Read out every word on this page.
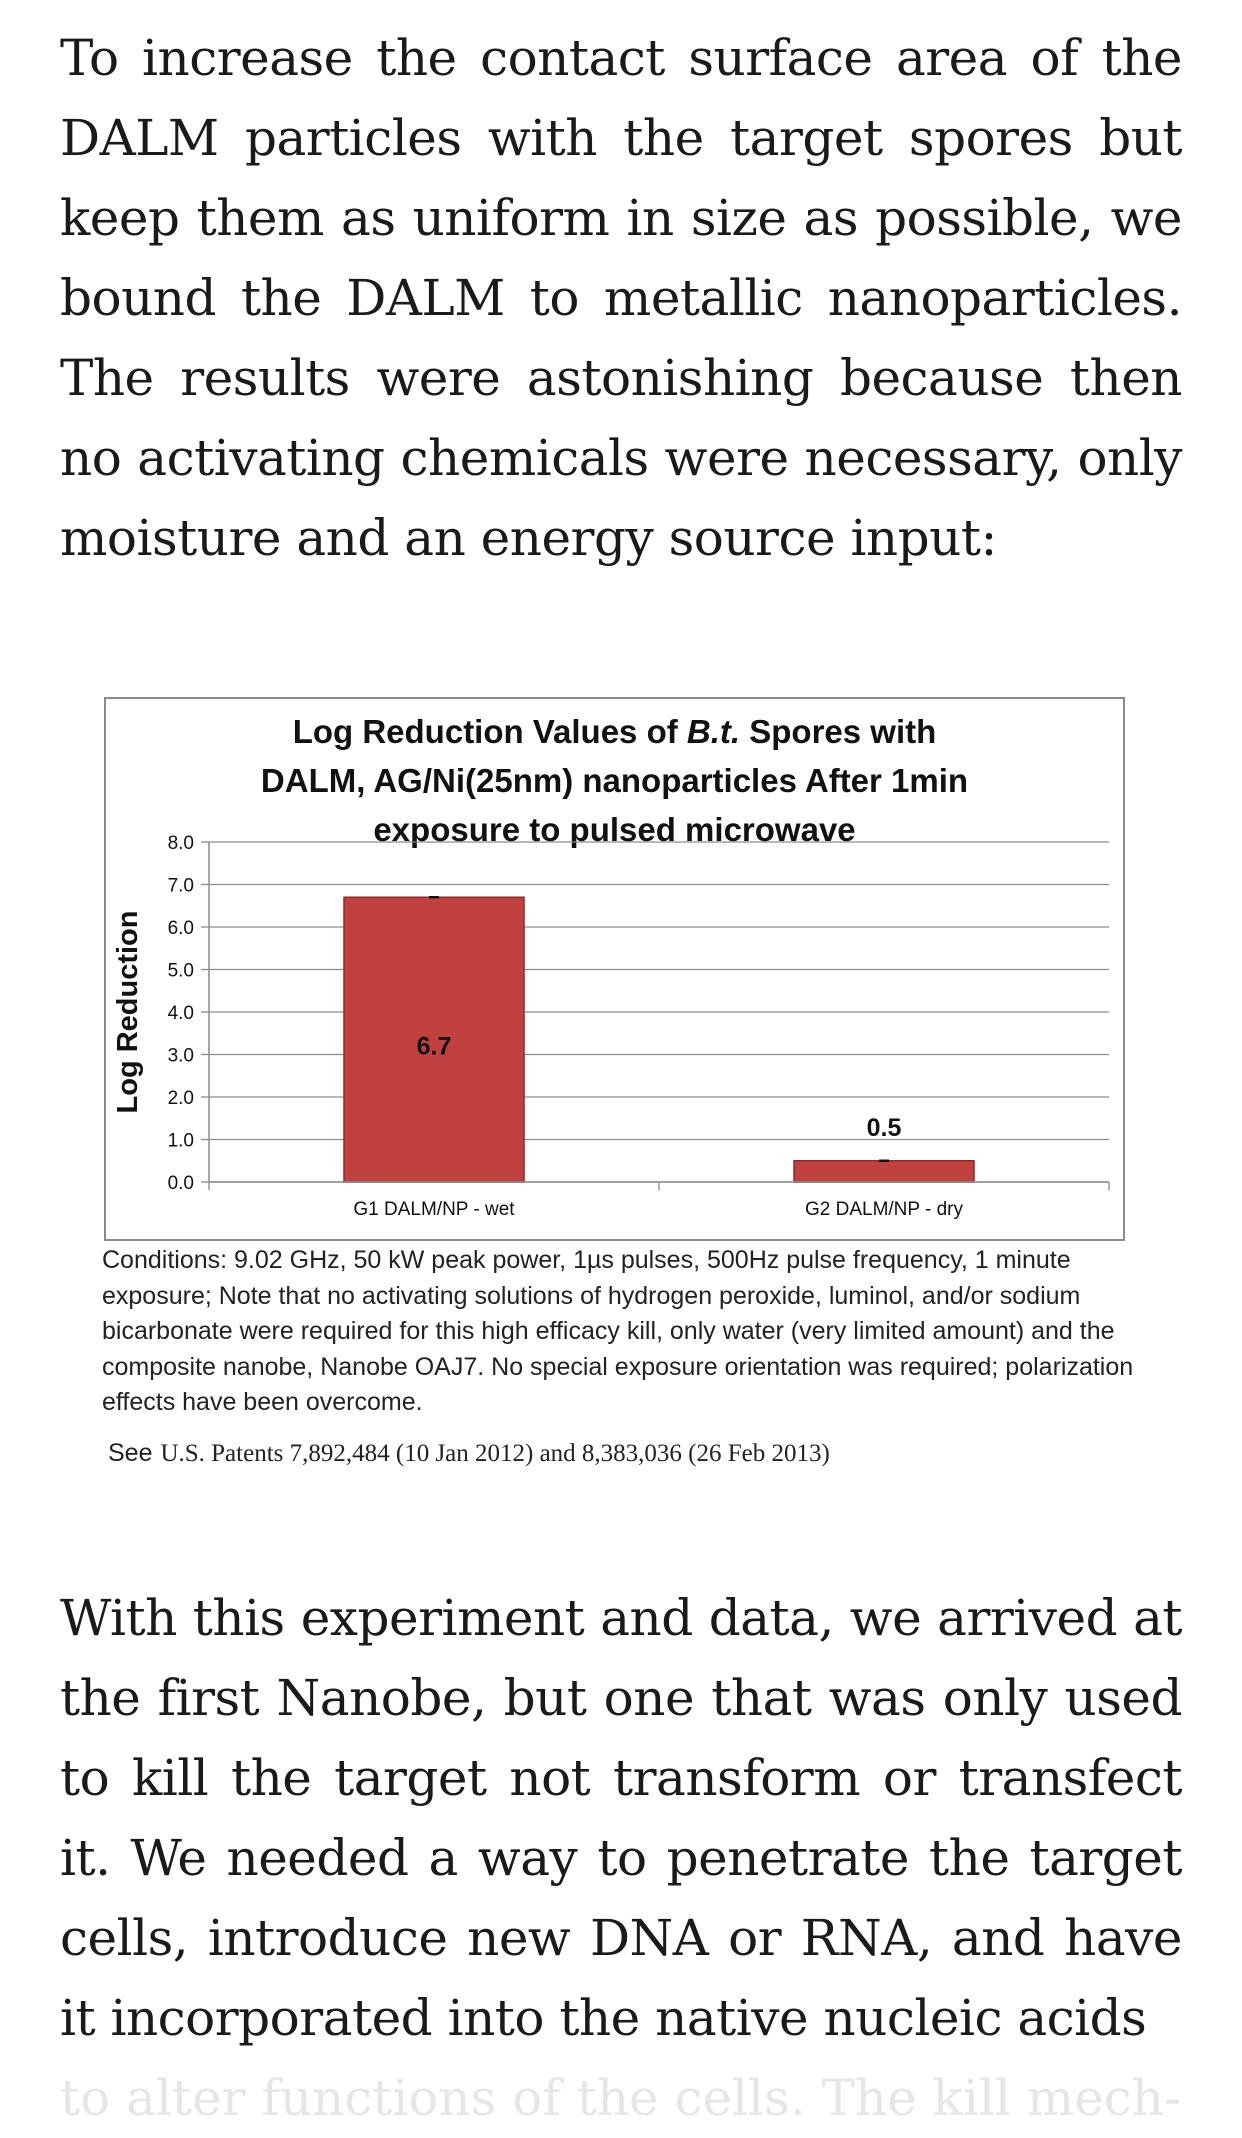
To increase the contact surface area of the DALM particles with the target spores but keep them as uniform in size as possible, we bound the DALM to metallic nanoparticles. The results were astonishing because then no activating chemicals were necessary, only moisture and an energy source input:

Log Reduction Values of B.t. Spores with
DALM, AG/Ni(25nm) nanoparticles After 1min
exposure to pulsed microwave
0.0
1.0
2.0
3.0
4.0
5.0
6.0
7.0
8.0
6.7
G1 DALM/NP - wet
0.5
G2 DALM/NP - dry
Log Reduction

Conditions: 9.02 GHz, 50 kW peak power, 1µs pulses, 500Hz pulse frequency, 1 minute exposure; Note that no activating solutions of hydrogen peroxide, luminol, and/or sodium bicarbonate were required for this high efficacy kill, only water (very limited amount) and the composite nanobe, Nanobe OAJ7. No special exposure orientation was required; polarization effects have been overcome.

See U.S. Patents 7,892,484 (10 Jan 2012) and 8,383,036 (26 Feb 2013)

With this experiment and data, we arrived at the first Nanobe, but one that was only used to kill the target not transform or transfect it. We needed a way to penetrate the target cells, introduce new DNA or RNA, and have it incorporated into the native nucleic acids

to alter functions of the cells. The kill mech-
